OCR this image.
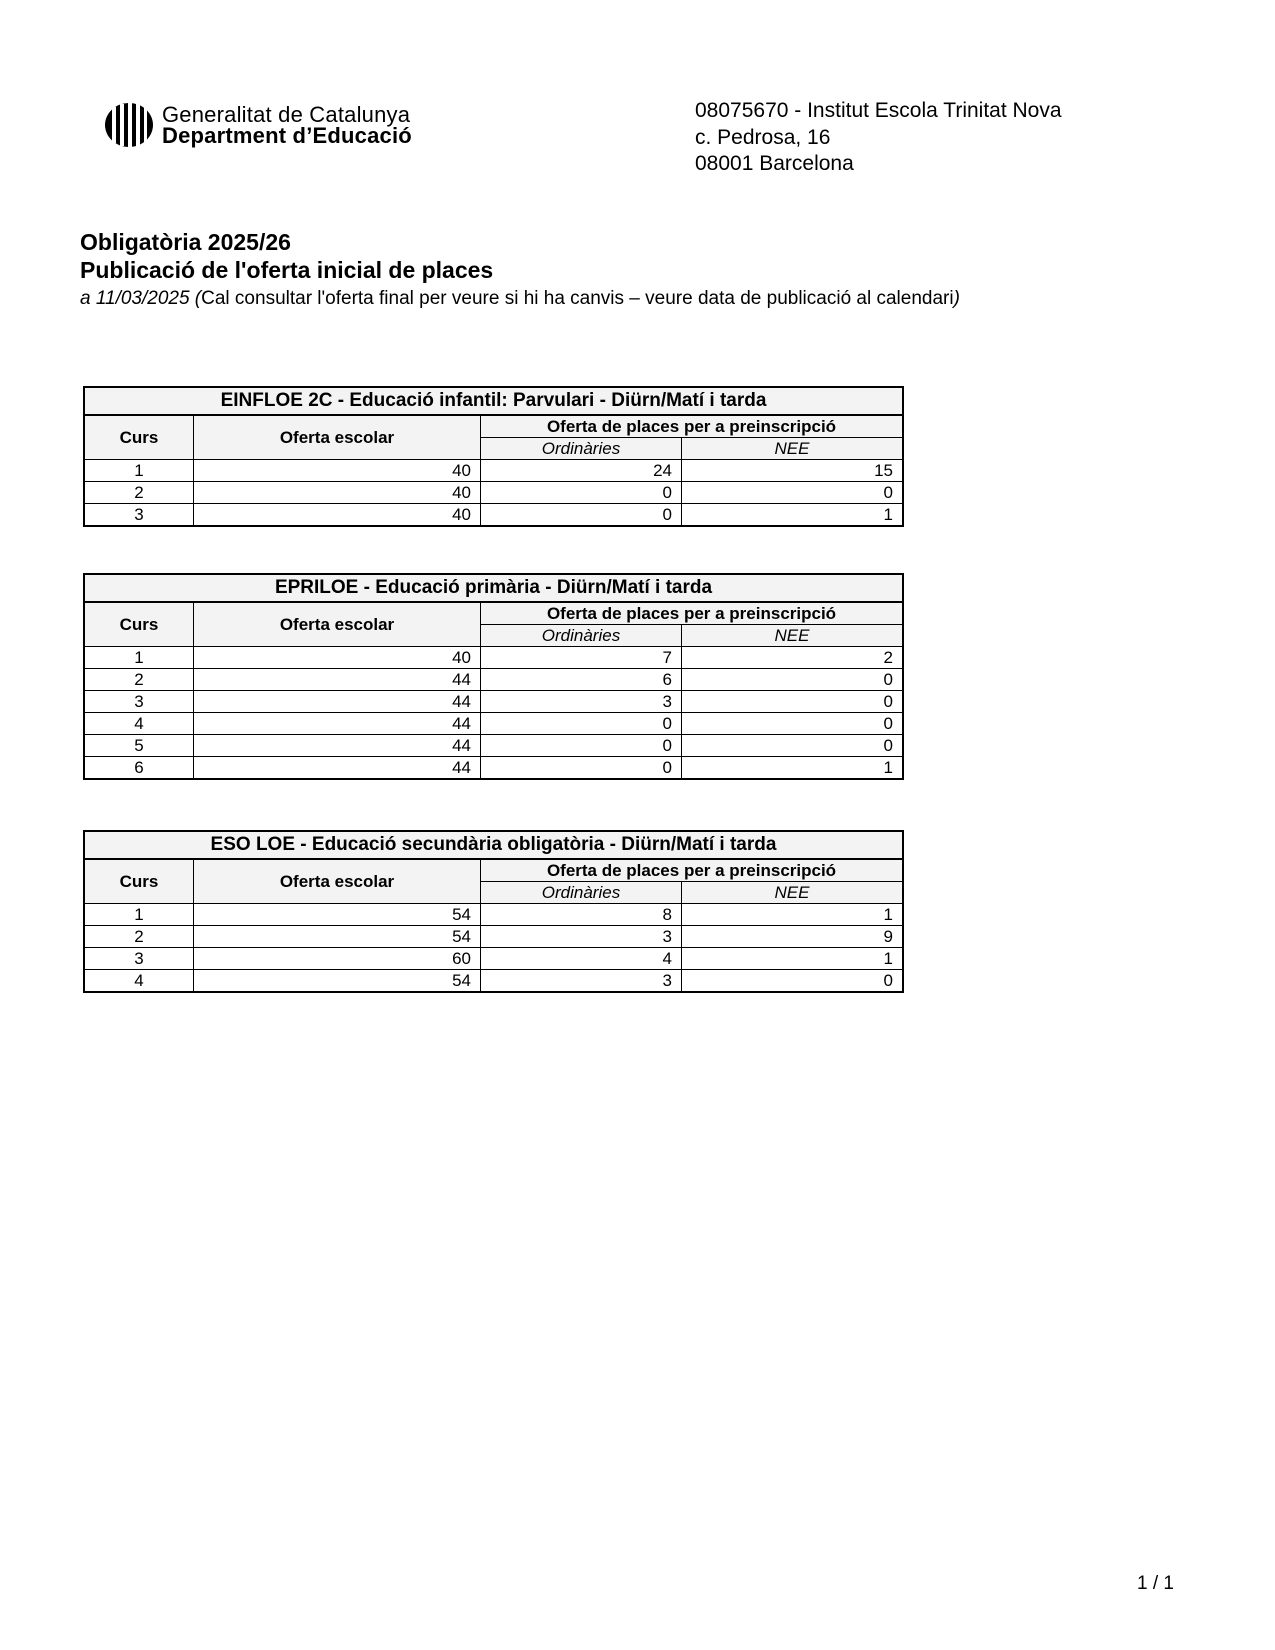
Generalitat de Catalunya
Department d’Educació
08075670 - Institut Escola Trinitat Nova
c. Pedrosa, 16
08001 Barcelona
Obligatòria 2025/26
Publicació de l'oferta inicial de places
a 11/03/2025 (Cal consultar l'oferta final per veure si hi ha canvis – veure data de publicació al calendari)
EINFLOE 2C - Educació infantil: Parvulari - Diürn/Matí i tarda			
Curs	Oferta escolar	Oferta de places per a preinscripció	
		Ordinàries	NEE
1	40	24	15
2	40	0	0
3	40	0	1
EPRILOE - Educació primària - Diürn/Matí i tarda			
Curs	Oferta escolar	Oferta de places per a preinscripció	
		Ordinàries	NEE
1	40	7	2
2	44	6	0
3	44	3	0
4	44	0	0
5	44	0	0
6	44	0	1
ESO LOE - Educació secundària obligatòria - Diürn/Matí i tarda			
Curs	Oferta escolar	Oferta de places per a preinscripció	
		Ordinàries	NEE
1	54	8	1
2	54	3	9
3	60	4	1
4	54	3	0
1 / 1
